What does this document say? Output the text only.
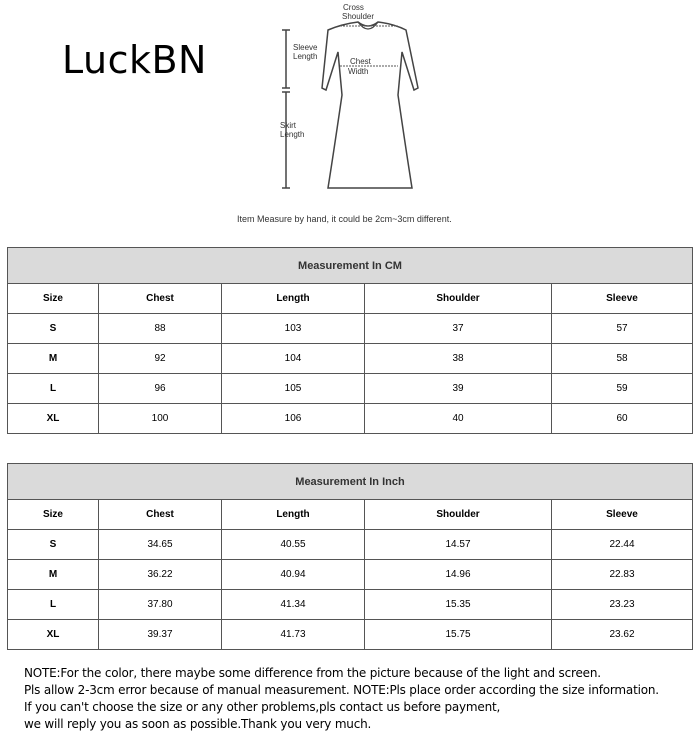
LuckBN
Cross
Shoulder
Sleeve
Length
Chest
Width
Skirt
Length
Item Measure by hand, it could be 2cm~3cm different.
Measurement In CM				
Size	Chest	Length	Shoulder	Sleeve
S	88	103	37	57
M	92	104	38	58
L	96	105	39	59
XL	100	106	40	60
Measurement In Inch				
Size	Chest	Length	Shoulder	Sleeve
S	34.65	40.55	14.57	22.44
M	36.22	40.94	14.96	22.83
L	37.80	41.34	15.35	23.23
XL	39.37	41.73	15.75	23.62
NOTE:For the color, there maybe some difference from the picture because of the light and screen.
Pls allow 2-3cm error because of manual measurement. NOTE:Pls place order according the size information.
If you can't choose the size or any other problems,pls contact us before payment,
we will reply you as soon as possible.Thank you very much.
